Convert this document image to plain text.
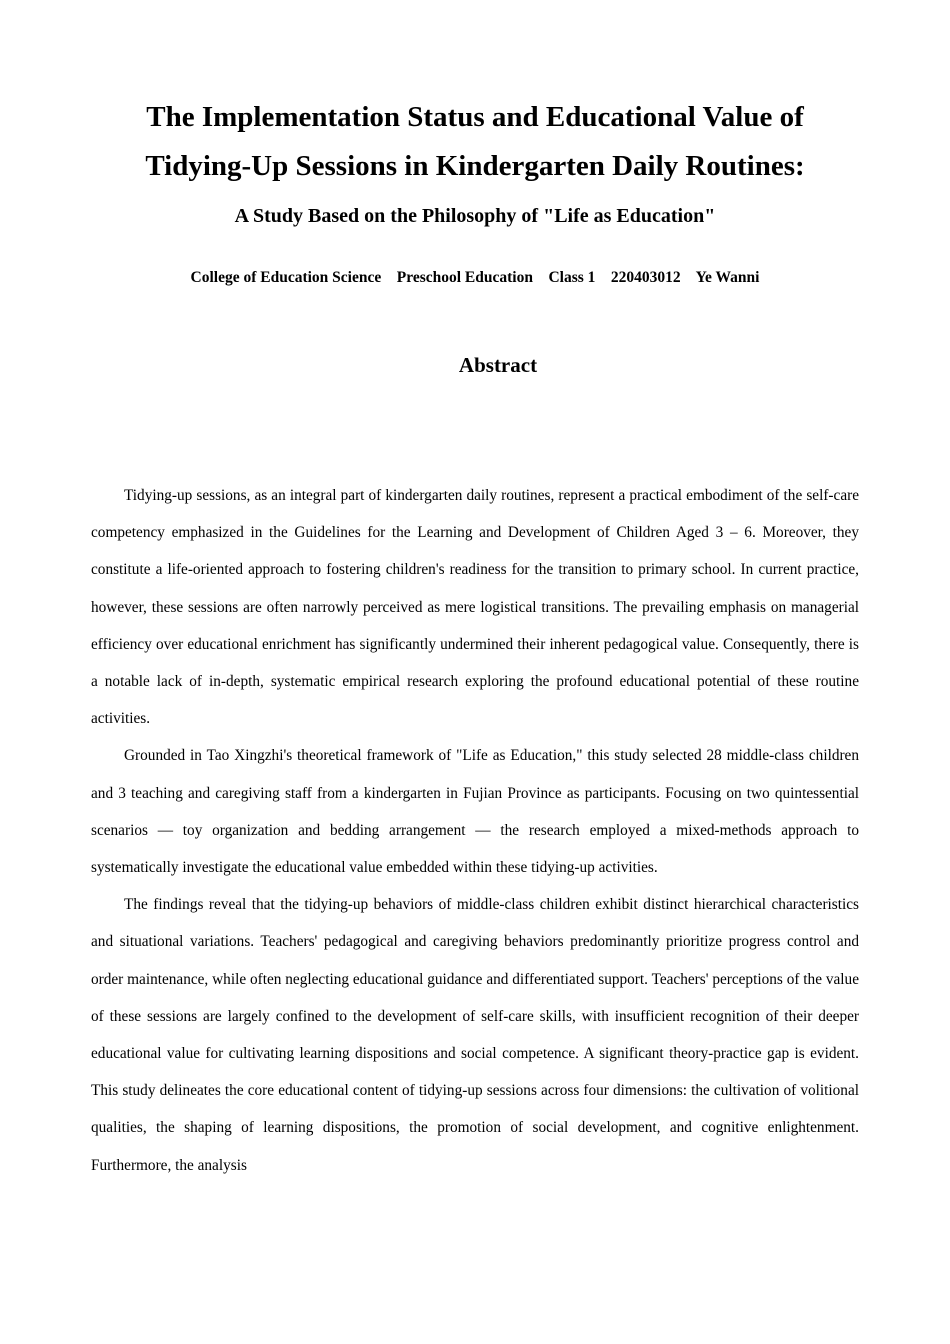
The Implementation Status and Educational Value of
Tidying-Up Sessions in Kindergarten Daily Routines:
A Study Based on the Philosophy of "Life as Education"
College of Education Science    Preschool Education    Class 1    220403012    Ye Wanni
Abstract

Tidying-up sessions, as an integral part of kindergarten daily routines, represent a practical embodiment of the self-care competency emphasized in the Guidelines for the Learning and Development of Children Aged 3 – 6. Moreover, they constitute a life-oriented approach to fostering children's readiness for the transition to primary school. In current practice, however, these sessions are often narrowly perceived as mere logistical transitions. The prevailing emphasis on managerial efficiency over educational enrichment has significantly undermined their inherent pedagogical value. Consequently, there is a notable lack of in-depth, systematic empirical research exploring the profound educational potential of these routine activities.

Grounded in Tao Xingzhi's theoretical framework of "Life as Education," this study selected 28 middle-class children and 3 teaching and caregiving staff from a kindergarten in Fujian Province as participants. Focusing on two quintessential scenarios — toy organization and bedding arrangement — the research employed a mixed-methods approach to systematically investigate the educational value embedded within these tidying-up activities.

The findings reveal that the tidying-up behaviors of middle-class children exhibit distinct hierarchical characteristics and situational variations. Teachers' pedagogical and caregiving behaviors predominantly prioritize progress control and order maintenance, while often neglecting educational guidance and differentiated support. Teachers' perceptions of the value of these sessions are largely confined to the development of self-care skills, with insufficient recognition of their deeper educational value for cultivating learning dispositions and social competence. A significant theory-practice gap is evident. This study delineates the core educational content of tidying-up sessions across four dimensions: the cultivation of volitional qualities, the shaping of learning dispositions, the promotion of social development, and cognitive enlightenment. Furthermore, the analysis
